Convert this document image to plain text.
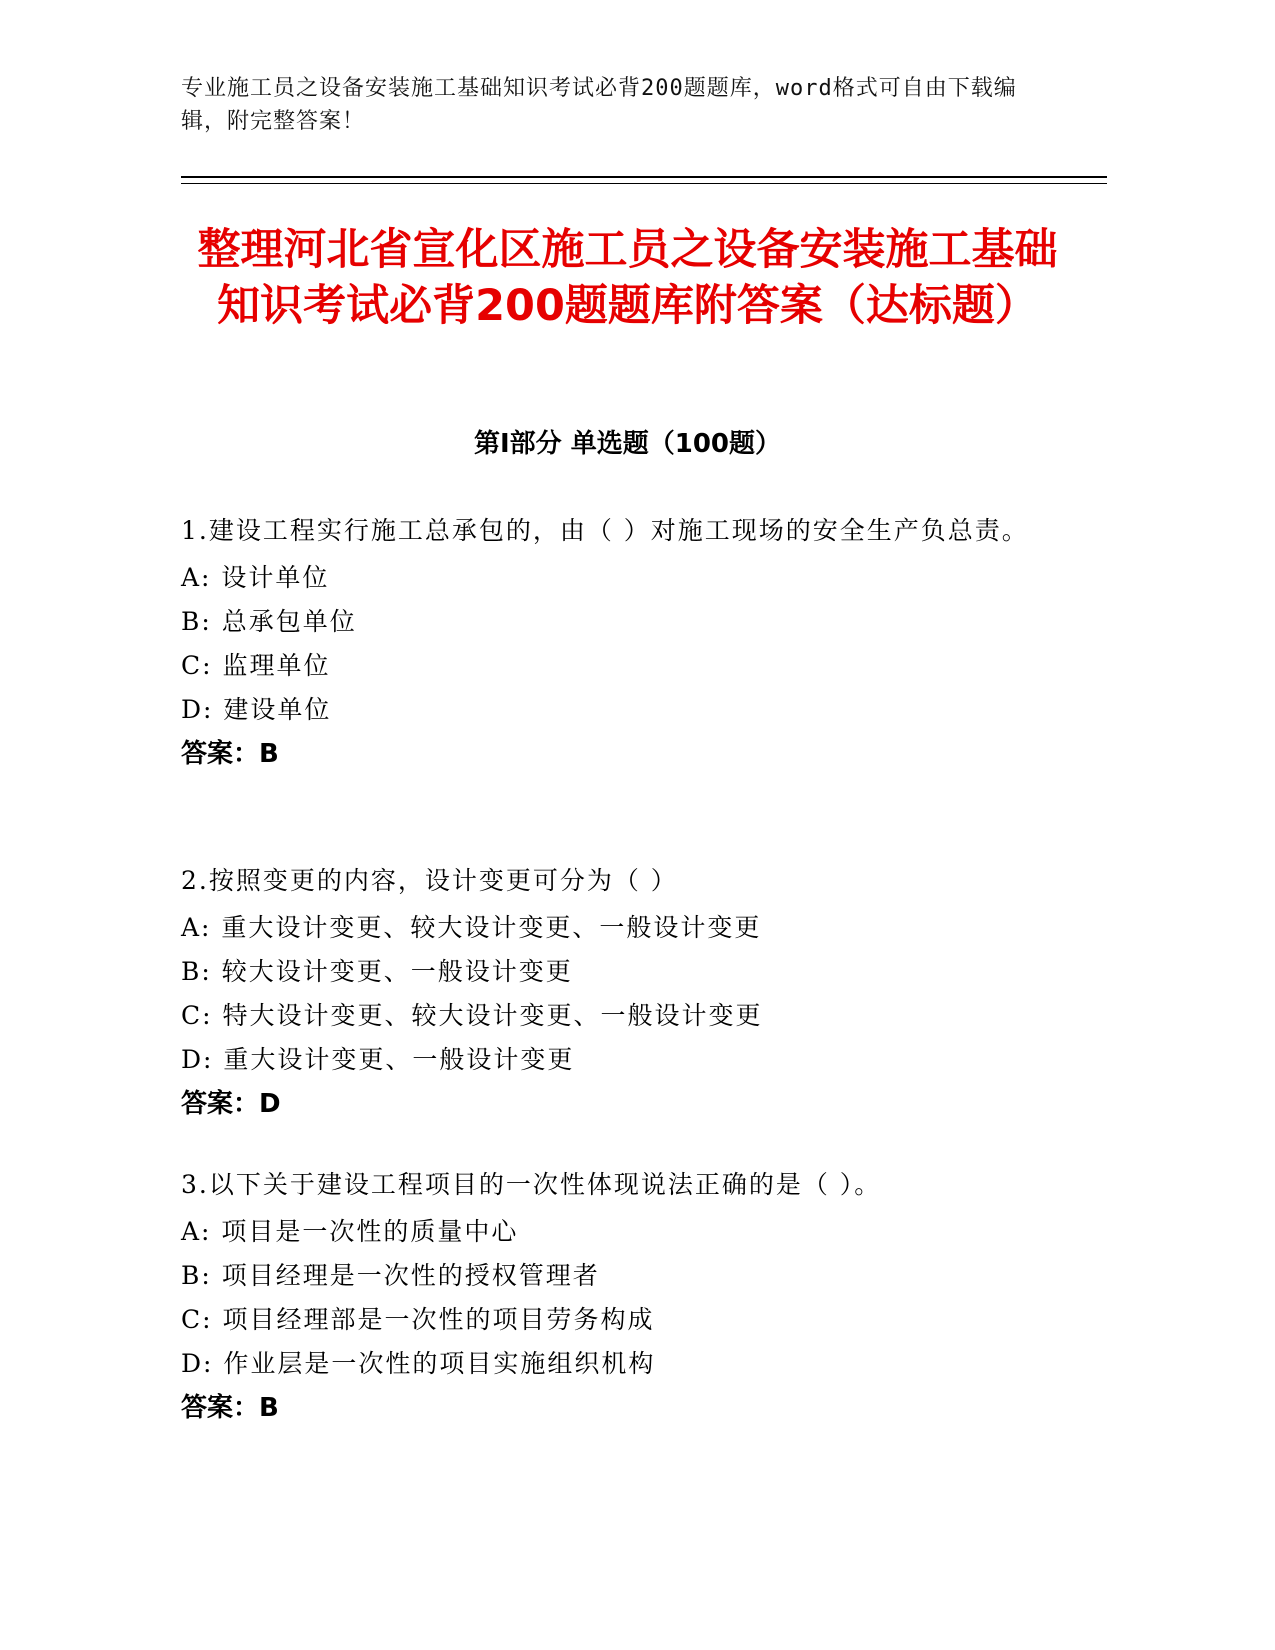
专业施工员之设备安装施工基础知识考试必背200题题库，word格式可自由下载编辑，附完整答案！
整理河北省宣化区施工员之设备安装施工基础知识考试必背200题题库附答案（达标题）
第I部分 单选题（100题）
1.建设工程实行施工总承包的，由（ ）对施工现场的安全生产负总责。
A: 设计单位
B: 总承包单位
C: 监理单位
D: 建设单位
答案：B
2.按照变更的内容，设计变更可分为（ ）
A: 重大设计变更、较大设计变更、一般设计变更
B: 较大设计变更、一般设计变更
C: 特大设计变更、较大设计变更、一般设计变更
D: 重大设计变更、一般设计变更
答案：D
3.以下关于建设工程项目的一次性体现说法正确的是（ ）。
A: 项目是一次性的质量中心
B: 项目经理是一次性的授权管理者
C: 项目经理部是一次性的项目劳务构成
D: 作业层是一次性的项目实施组织机构
答案：B
